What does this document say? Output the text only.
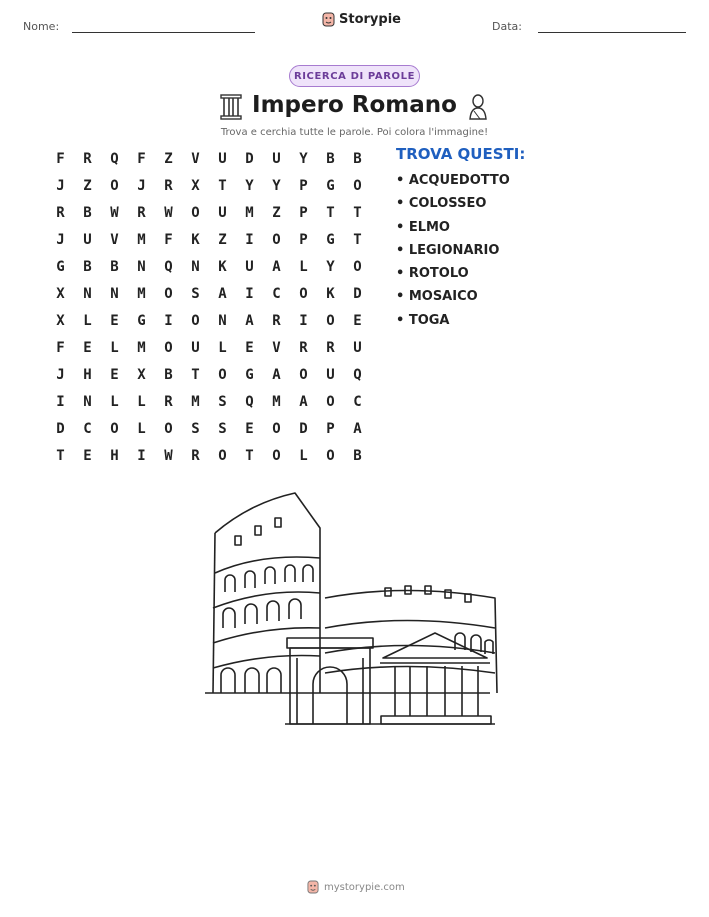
Nome:	Storypie	Data:
RICERCA DI PAROLE
Impero Romano
Trova e cerchia tutte le parole. Poi colora l'immagine!
F	R	Q	F	Z	V	U	D	U	Y	B	B
J	Z	O	J	R	X	T	Y	Y	P	G	O
R	B	W	R	W	O	U	M	Z	P	T	T
J	U	V	M	F	K	Z	I	O	P	G	T
G	B	B	N	Q	N	K	U	A	L	Y	O
X	N	N	M	O	S	A	I	C	O	K	D
X	L	E	G	I	O	N	A	R	I	O	E
F	E	L	M	O	U	L	E	V	R	R	U
J	H	E	X	B	T	O	G	A	O	U	Q
I	N	L	L	R	M	S	Q	M	A	O	C
D	C	O	L	O	S	S	E	O	D	P	A
T	E	H	I	W	R	O	T	O	L	O	B
TROVA QUESTI:
• ACQUEDOTTO
• COLOSSEO
• ELMO
• LEGIONARIO
• ROTOLO
• MOSAICO
• TOGA
mystorypie.com
